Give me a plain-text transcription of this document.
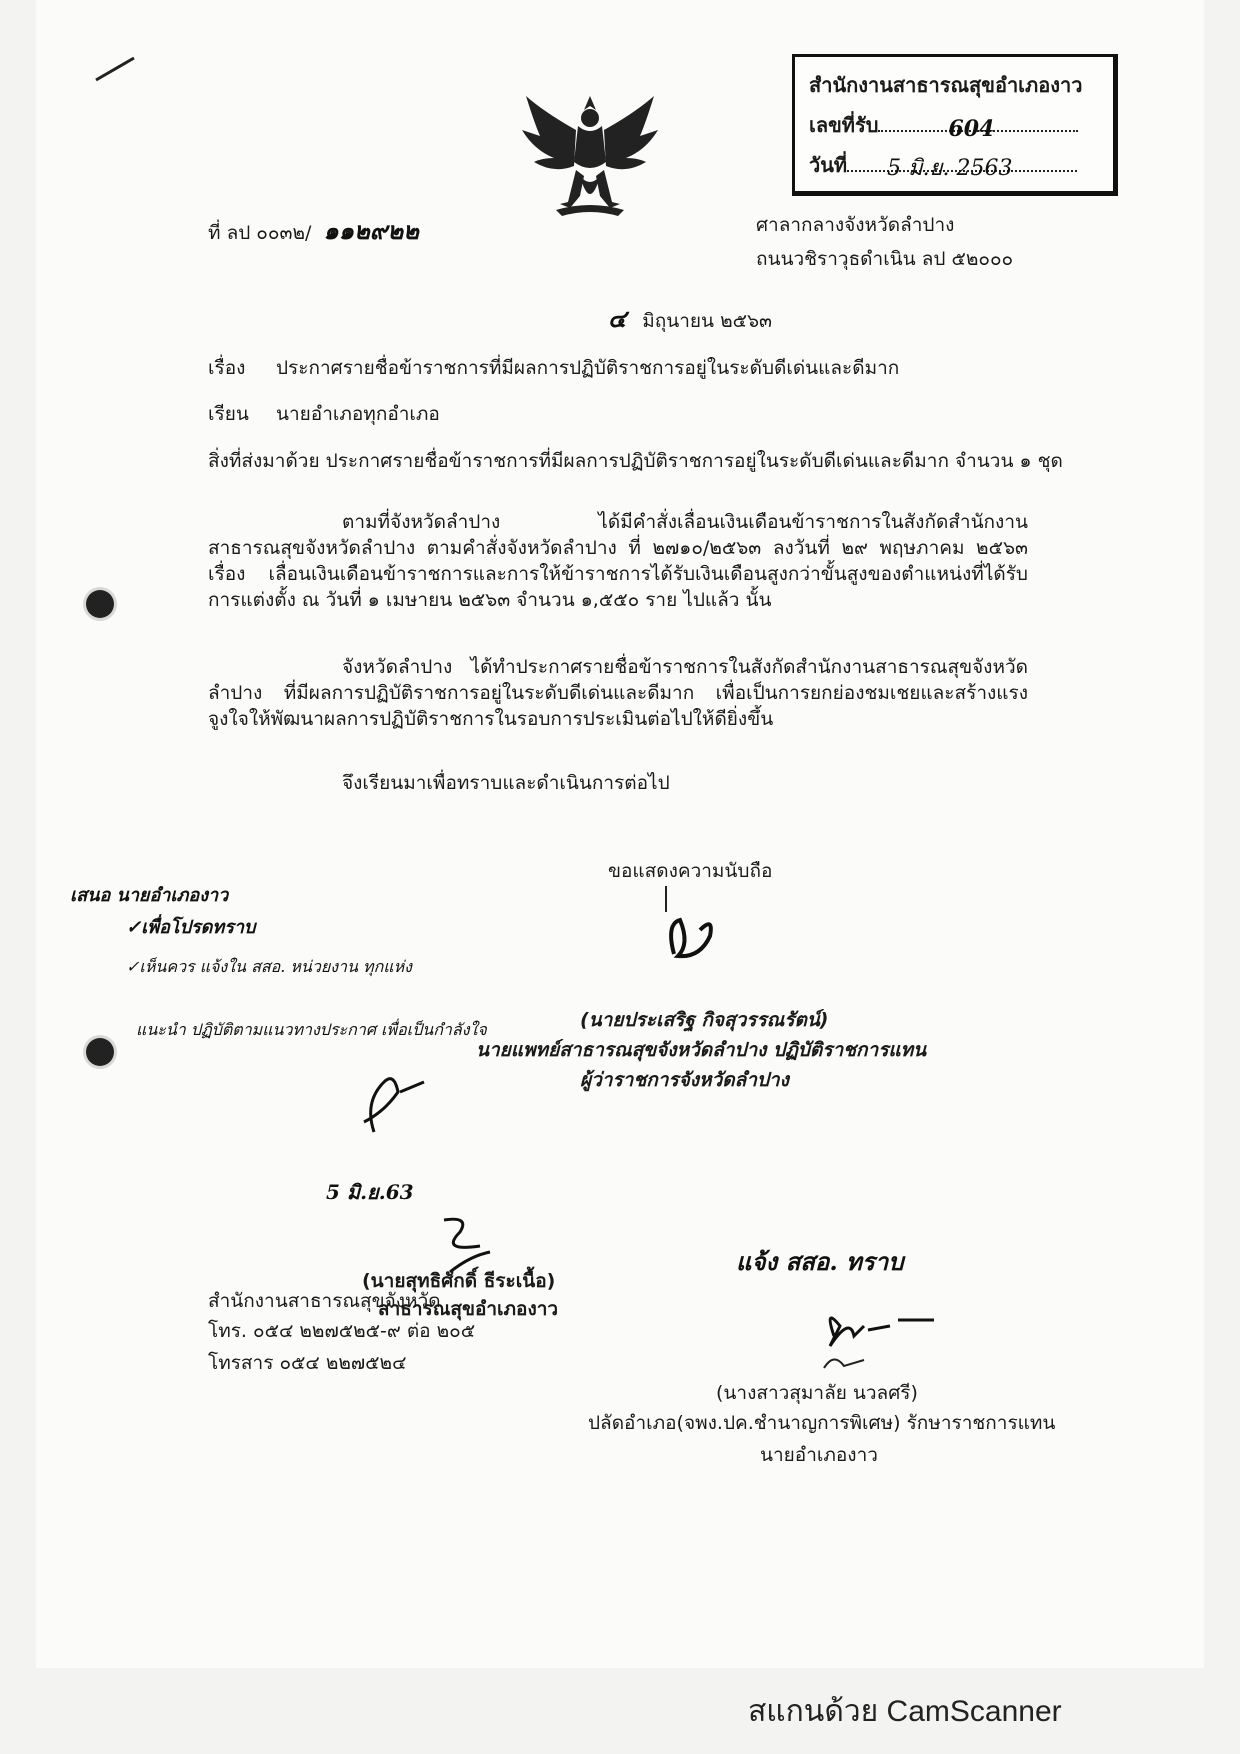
สำนักงานสาธารณสุขอำเภองาว
เลขที่รับ	604
วันที่ 5 มิ.ย. 2563
ที่ ลป ๐๐๓๒/ ๑๑๒๙๒๒	ศาลากลางจังหวัดลำปาง
ถนนวชิราวุธดำเนิน ลป ๕๒๐๐๐
๔ มิถุนายน ๒๕๖๓
เรื่อง ประกาศรายชื่อข้าราชการที่มีผลการปฏิบัติราชการอยู่ในระดับดีเด่นและดีมาก
เรียน นายอำเภอทุกอำเภอ
สิ่งที่ส่งมาด้วย ประกาศรายชื่อข้าราชการที่มีผลการปฏิบัติราชการอยู่ในระดับดีเด่นและดีมาก จำนวน ๑ ชุด
ตามที่จังหวัดลำปาง ได้มีคำสั่งเลื่อนเงินเดือนข้าราชการในสังกัดสำนักงานสาธารณสุขจังหวัดลำปาง ตามคำสั่งจังหวัดลำปาง ที่ ๒๗๑๐/๒๕๖๓ ลงวันที่ ๒๙ พฤษภาคม ๒๕๖๓ เรื่อง เลื่อนเงินเดือนข้าราชการและการให้ข้าราชการได้รับเงินเดือนสูงกว่าขั้นสูงของตำแหน่งที่ได้รับการแต่งตั้ง ณ วันที่ ๑ เมษายน ๒๕๖๓ จำนวน ๑,๕๕๐ ราย ไปแล้ว นั้น
จังหวัดลำปาง ได้ทำประกาศรายชื่อข้าราชการในสังกัดสำนักงานสาธารณสุขจังหวัดลำปาง ที่มีผลการปฏิบัติราชการอยู่ในระดับดีเด่นและดีมาก เพื่อเป็นการยกย่องชมเชยและสร้างแรงจูงใจให้พัฒนาผลการปฏิบัติราชการในรอบการประเมินต่อไปให้ดียิ่งขึ้น
จึงเรียนมาเพื่อทราบและดำเนินการต่อไป
ขอแสดงความนับถือ
(นายประเสริฐ กิจสุวรรณรัตน์)
นายแพทย์สาธารณสุขจังหวัดลำปาง ปฏิบัติราชการแทน
ผู้ว่าราชการจังหวัดลำปาง
เสนอ นายอำเภองาว
✓เพื่อโปรดทราบ
✓เห็นควร แจ้งใน สสอ. หน่วยงาน ทุกแห่ง
แนะนำ ปฏิบัติตามแนวทางประกาศ เพื่อเป็นกำลังใจ
5 มิ.ย.63
(นายสุทธิศักดิ์ ธีระเนื้อ)
สาธารณสุขอำเภองาว
สำนักงานสาธารณสุขจังหวัด
โทร. ๐๕๔ ๒๒๗๕๒๕-๙ ต่อ ๒๐๕
โทรสาร ๐๕๔ ๒๒๗๕๒๔
แจ้ง สสอ. ทราบ
(นางสาวสุมาลัย นวลศรี)
ปลัดอำเภอ(จพง.ปค.ชำนาญการพิเศษ) รักษาราชการแทน
นายอำเภองาว
สแกนด้วย CamScanner
